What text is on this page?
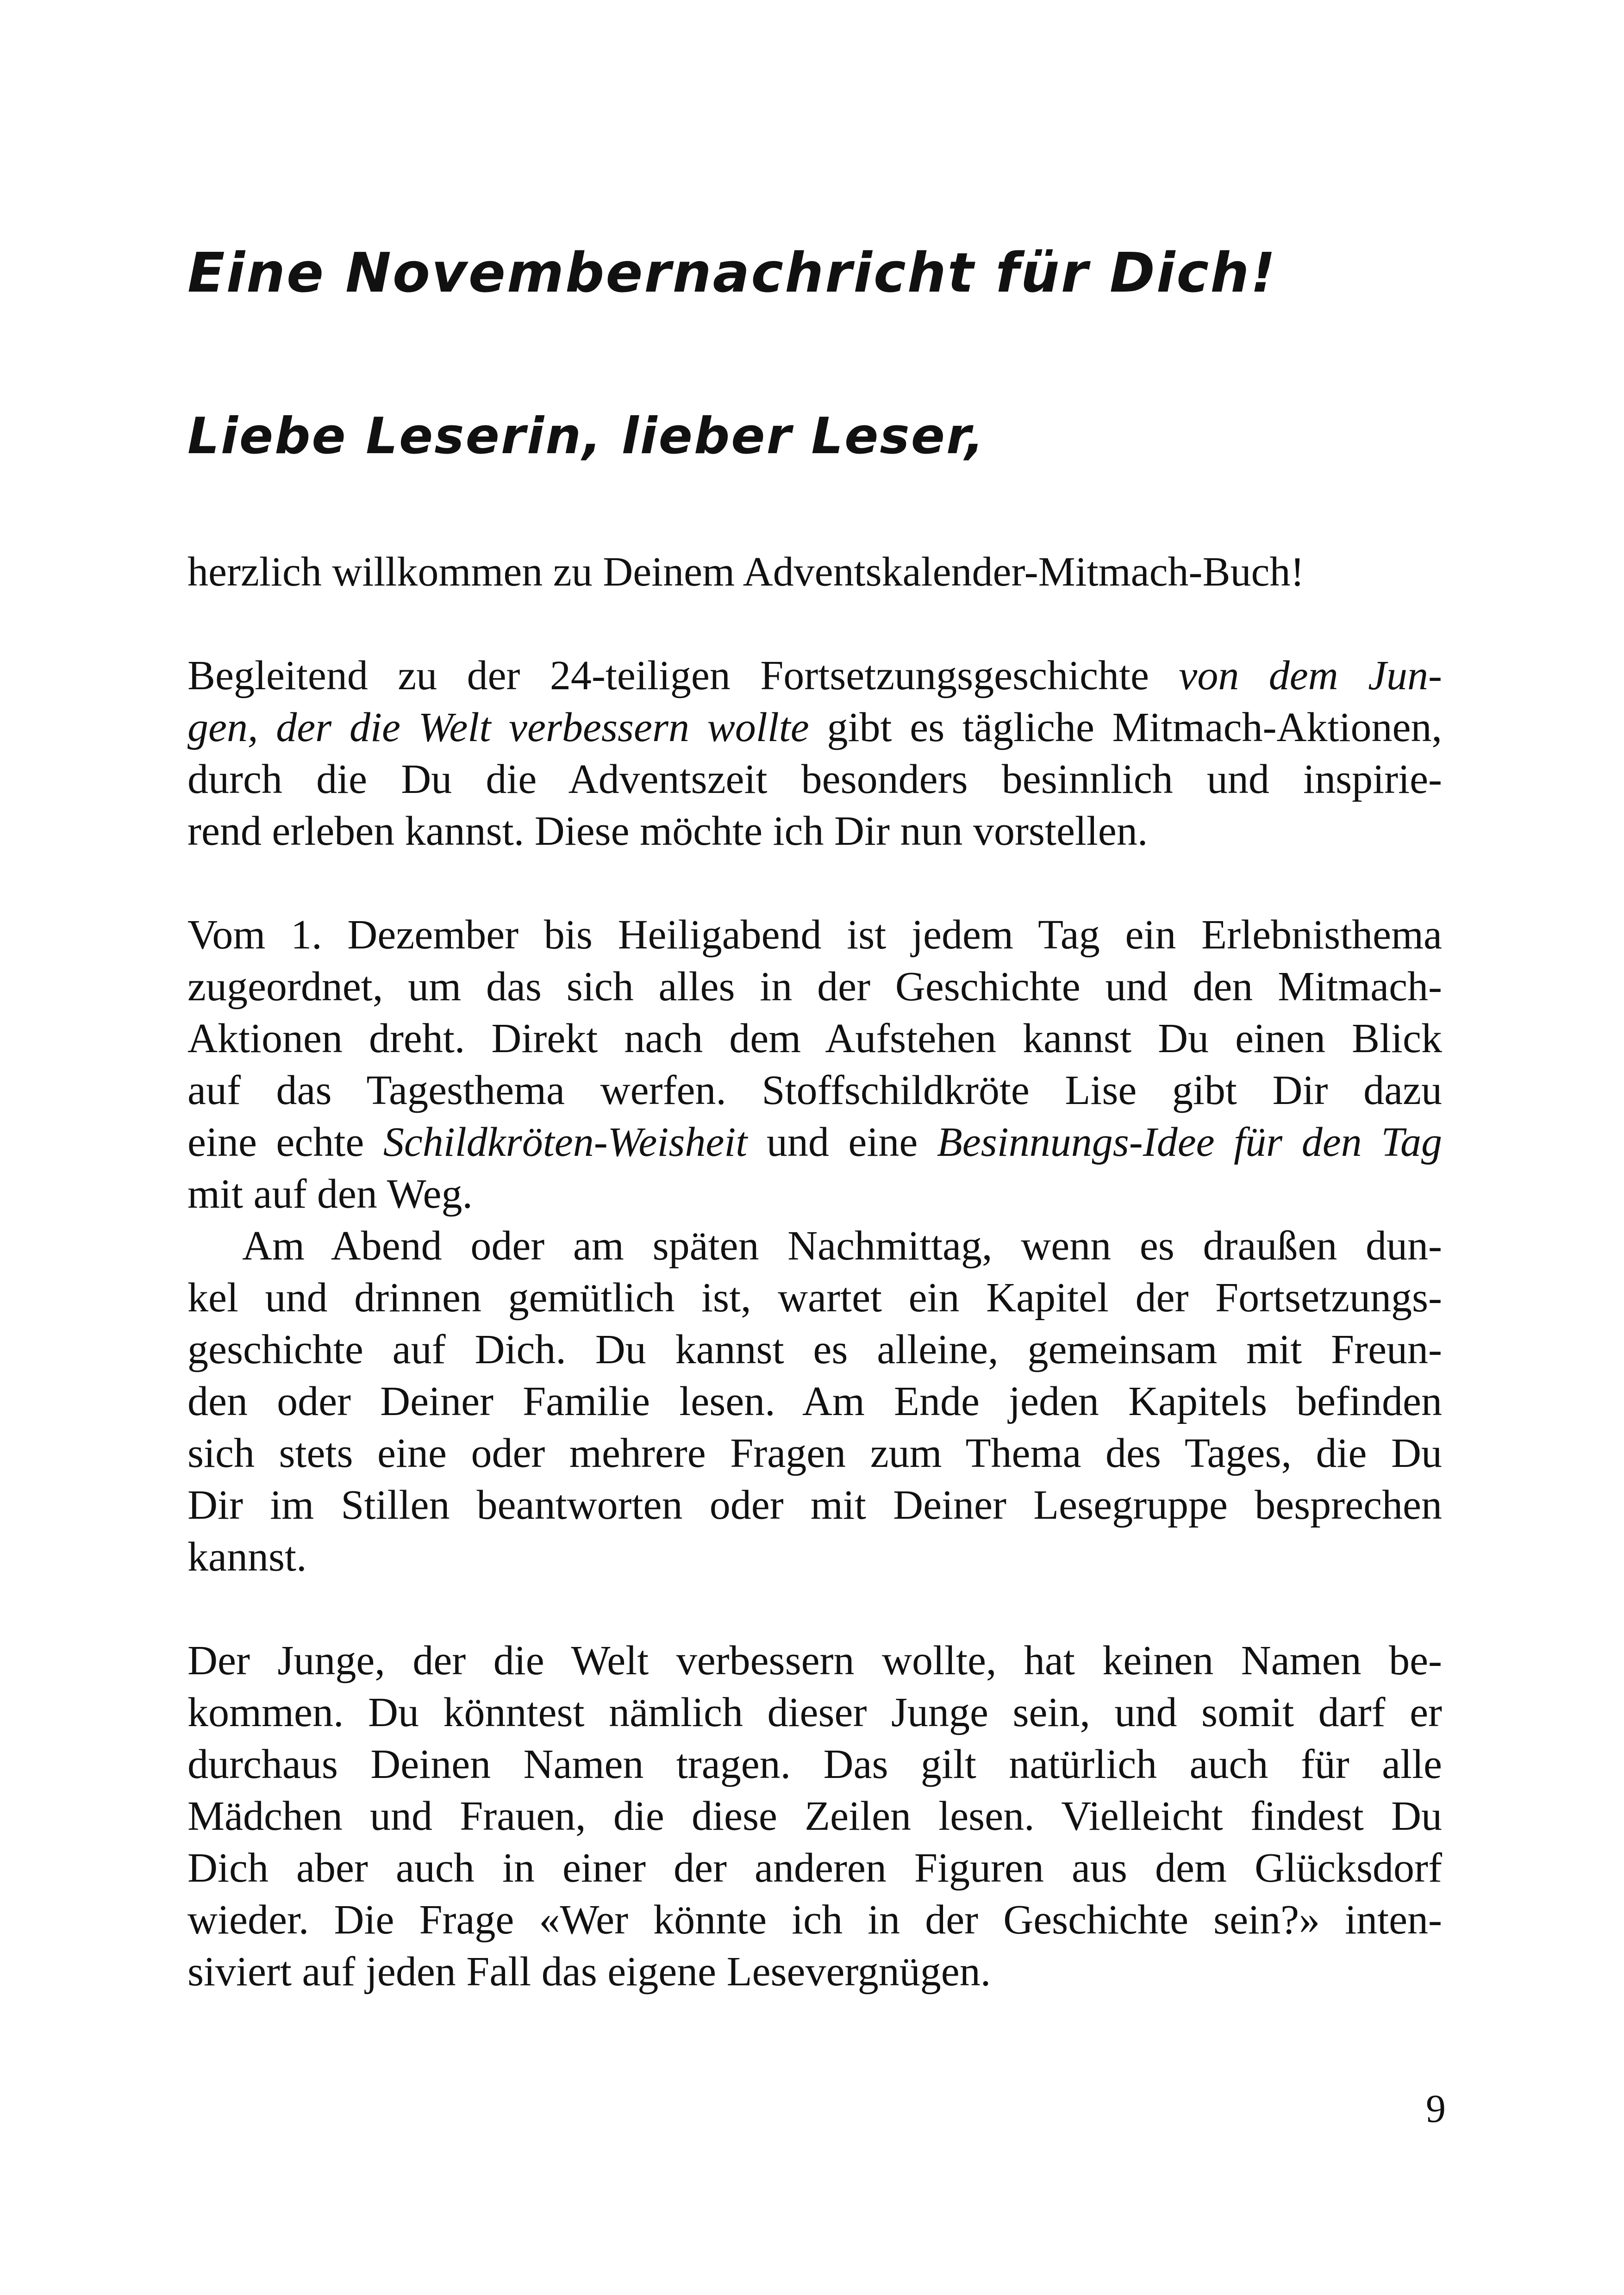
Eine Novembernachricht für Dich!
Liebe Leserin, lieber Leser,

herzlich willkommen zu Deinem Adventskalender-Mitmach-Buch!

Begleitend zu der 24-teiligen Fortsetzungsgeschichte von dem Jun-
gen, der die Welt verbessern wollte gibt es tägliche Mitmach-Aktionen,
durch die Du die Adventszeit besonders besinnlich und inspirie-
rend erleben kannst. Diese möchte ich Dir nun vorstellen.

Vom 1. Dezember bis Heiligabend ist jedem Tag ein Erlebnisthema
zugeordnet, um das sich alles in der Geschichte und den Mitmach-
Aktionen dreht. Direkt nach dem Aufstehen kannst Du einen Blick
auf das Tagesthema werfen. Stoffschildkröte Lise gibt Dir dazu
eine echte Schildkröten-Weisheit und eine Besinnungs-Idee für den Tag
mit auf den Weg.

Am Abend oder am späten Nachmittag, wenn es draußen dun-
kel und drinnen gemütlich ist, wartet ein Kapitel der Fortsetzungs-
geschichte auf Dich. Du kannst es alleine, gemeinsam mit Freun-
den oder Deiner Familie lesen. Am Ende jeden Kapitels befinden
sich stets eine oder mehrere Fragen zum Thema des Tages, die Du
Dir im Stillen beantworten oder mit Deiner Lesegruppe besprechen
kannst.

Der Junge, der die Welt verbessern wollte, hat keinen Namen be-
kommen. Du könntest nämlich dieser Junge sein, und somit darf er
durchaus Deinen Namen tragen. Das gilt natürlich auch für alle
Mädchen und Frauen, die diese Zeilen lesen. Vielleicht findest Du
Dich aber auch in einer der anderen Figuren aus dem Glücksdorf
wieder. Die Frage «Wer könnte ich in der Geschichte sein?» inten-
siviert auf jeden Fall das eigene Lesevergnügen.

9
